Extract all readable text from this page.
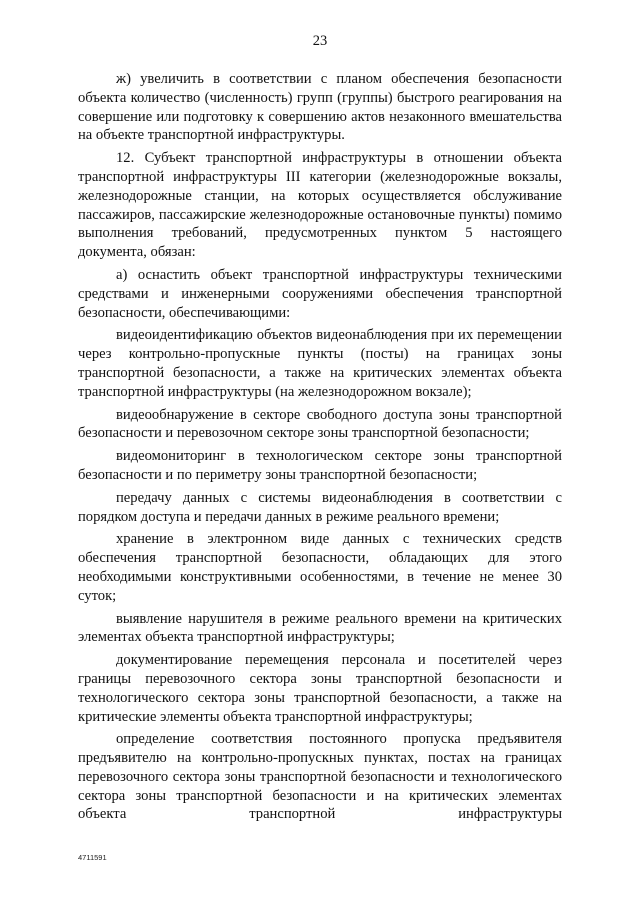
23

ж) увеличить в соответствии с планом обеспечения безопасности объекта количество (численность) групп (группы) быстрого реагирования на совершение или подготовку к совершению актов незаконного вмешательства на объекте транспортной инфраструктуры.

12. Субъект транспортной инфраструктуры в отношении объекта транспортной инфраструктуры III категории (железнодорожные вокзалы, железнодорожные станции, на которых осуществляется обслуживание пассажиров, пассажирские железнодорожные остановочные пункты) помимо выполнения требований, предусмотренных пунктом 5 настоящего документа, обязан:

а) оснастить объект транспортной инфраструктуры техническими средствами и инженерными сооружениями обеспечения транспортной безопасности, обеспечивающими:

видеоидентификацию объектов видеонаблюдения при их перемещении через контрольно-пропускные пункты (посты) на границах зоны транспортной безопасности, а также на критических элементах объекта транспортной инфраструктуры (на железнодорожном вокзале);

видеообнаружение в секторе свободного доступа зоны транспортной безопасности и перевозочном секторе зоны транспортной безопасности;

видеомониторинг в технологическом секторе зоны транспортной безопасности и по периметру зоны транспортной безопасности;

передачу данных с системы видеонаблюдения в соответствии с порядком доступа и передачи данных в режиме реального времени;

хранение в электронном виде данных с технических средств обеспечения транспортной безопасности, обладающих для этого необходимыми конструктивными особенностями, в течение не менее 30 суток;

выявление нарушителя в режиме реального времени на критических элементах объекта транспортной инфраструктуры;

документирование перемещения персонала и посетителей через границы перевозочного сектора зоны транспортной безопасности и технологического сектора зоны транспортной безопасности, а также на критические элементы объекта транспортной инфраструктуры;

определение соответствия постоянного пропуска предъявителя предъявителю на контрольно-пропускных пунктах, постах на границах перевозочного сектора зоны транспортной безопасности и технологического сектора зоны транспортной безопасности и на критических элементах объекта транспортной инфраструктуры

4711591
